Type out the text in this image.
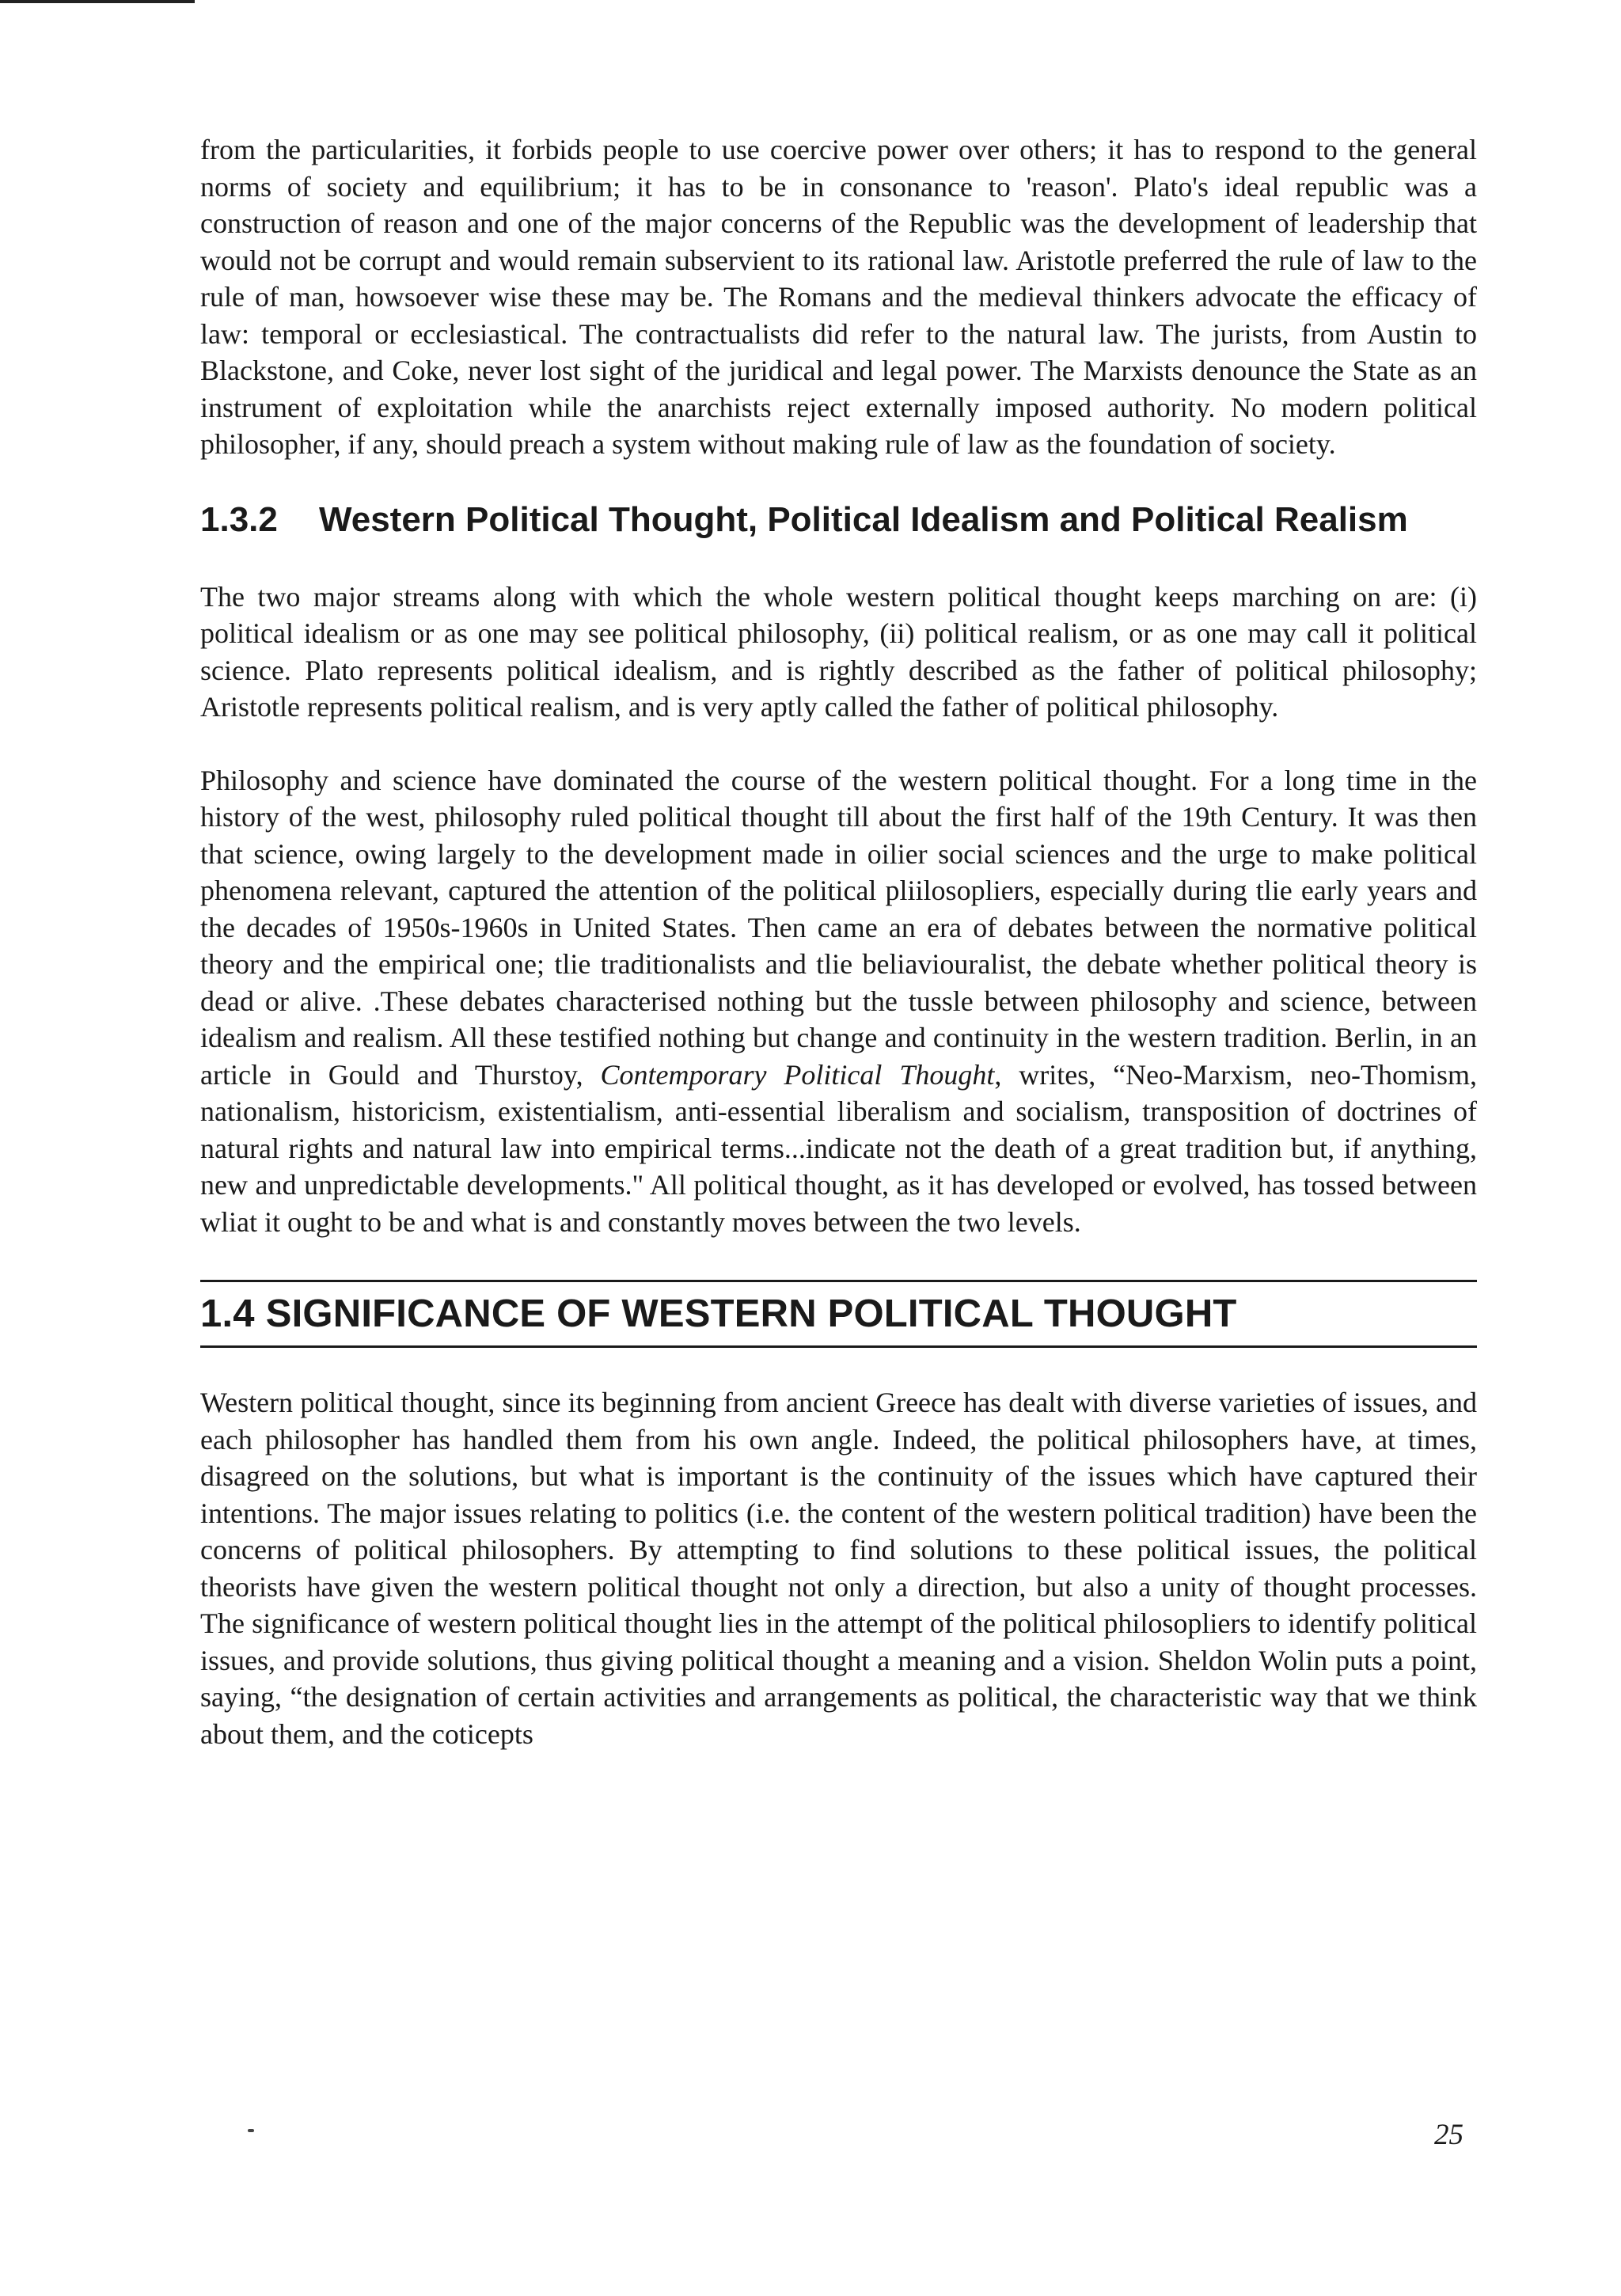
from the particularities, it forbids people to use coercive power over others; it has to respond to the general norms of society and equilibrium; it has to be in consonance to 'reason'. Plato's ideal republic was a construction of reason and one of the major concerns of the Republic was the development of leadership that would not be corrupt and would remain subservient to its rational law. Aristotle preferred the rule of law to the rule of man, howsoever wise these may be. The Romans and the medieval thinkers advocate the efficacy of law: temporal or ecclesiastical. The contractualists did refer to the natural law. The jurists, from Austin to Blackstone, and Coke, never lost sight of the juridical and legal power. The Marxists denounce the State as an instrument of exploitation while the anarchists reject externally imposed authority. No modern political philosopher, if any, should preach a system without making rule of law as the foundation of society.

1.3.2	Western Political Thought, Political Idealism and Political Realism

The two major streams along with which the whole western political thought keeps marching on are: (i) political idealism or as one may see political philosophy, (ii) political realism, or as one may call it political science. Plato represents political idealism, and is rightly described as the father of political philosophy; Aristotle represents political realism, and is very aptly called the father of political philosophy.

Philosophy and science have dominated the course of the western political thought. For a long time in the history of the west, philosophy ruled political thought till about the first half of the 19th Century. It was then that science, owing largely to the development made in oilier social sciences and the urge to make political phenomena relevant, captured the attention of the political pliilosopliers, especially during tlie early years and the decades of 1950s-1960s in United States. Then came an era of debates between the normative political theory and the empirical one; tlie traditionalists and tlie beliaviouralist, the debate whether political theory is dead or alive. .These debates characterised nothing but the tussle between philosophy and science, between idealism and realism. All these testified nothing but change and continuity in the western tradition. Berlin, in an article in Gould and Thurstoy, Contemporary Political Thought, writes, “Neo-Marxism, neo-Thomism, nationalism, historicism, existentialism, anti-essential liberalism and socialism, transposition of doctrines of natural rights and natural law into empirical terms...indicate not the death of a great tradition but, if anything, new and unpredictable developments." All political thought, as it has developed or evolved, has tossed between wliat it ought to be and what is and constantly moves between the two levels.

1.4 SIGNIFICANCE OF WESTERN POLITICAL THOUGHT

Western political thought, since its beginning from ancient Greece has dealt with diverse varieties of issues, and each philosopher has handled them from his own angle. Indeed, the political philosophers have, at times, disagreed on the solutions, but what is important is the continuity of the issues which have captured their intentions. The major issues relating to politics (i.e. the content of the western political tradition) have been the concerns of political philosophers. By attempting to find solutions to these political issues, the political theorists have given the western political thought not only a direction, but also a unity of thought processes. The significance of western political thought lies in the attempt of the political philosopliers to identify political issues, and provide solutions, thus giving political thought a meaning and a vision. Sheldon Wolin puts a point, saying, “the designation of certain activities and arrangements as political, the characteristic way that we think about them, and the coticepts

25
